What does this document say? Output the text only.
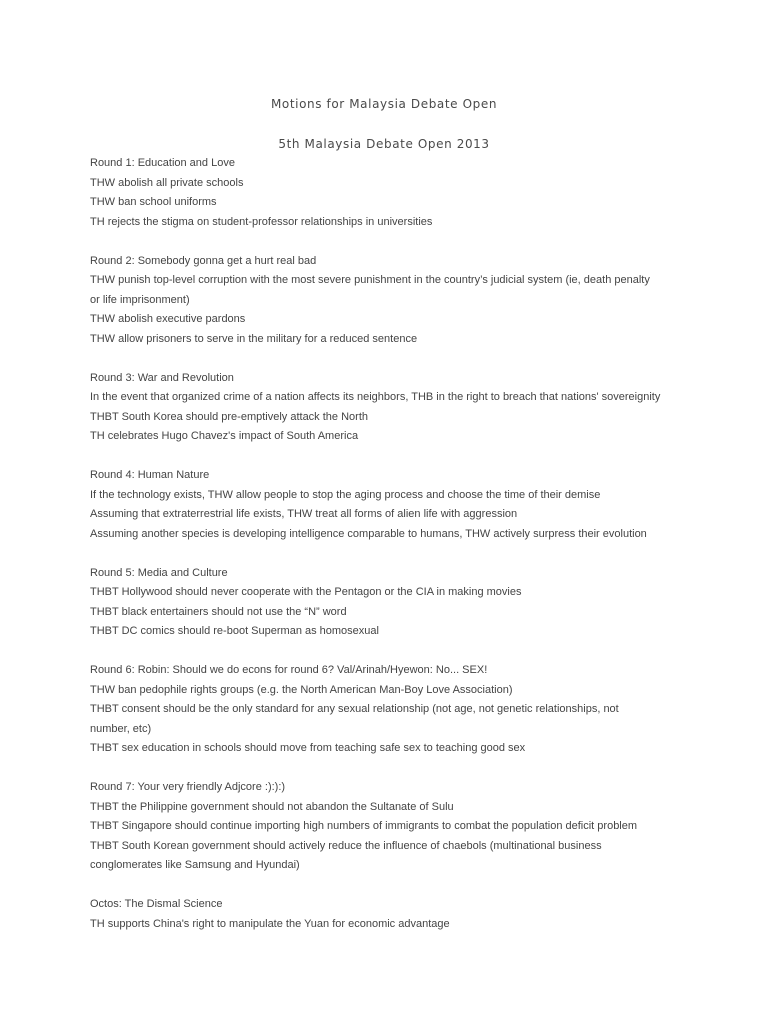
Motions for Malaysia Debate Open
5th Malaysia Debate Open 2013
Round 1: Education and Love
THW abolish all private schools
THW ban school uniforms
TH rejects the stigma on student-professor relationships in universities
Round 2: Somebody gonna get a hurt real bad
THW punish top-level corruption with the most severe punishment in the country’s judicial system (ie, death penalty
or life imprisonment)
THW abolish executive pardons
THW allow prisoners to serve in the military for a reduced sentence
Round 3: War and Revolution
In the event that organized crime of a nation affects its neighbors, THB in the right to breach that nations' sovereignity
THBT South Korea should pre-emptively attack the North
TH celebrates Hugo Chavez's impact of South America
Round 4: Human Nature
If the technology exists, THW allow people to stop the aging process and choose the time of their demise
Assuming that extraterrestrial life exists, THW treat all forms of alien life with aggression
Assuming another species is developing intelligence comparable to humans, THW actively surpress their evolution
Round 5: Media and Culture
THBT Hollywood should never cooperate with the Pentagon or the CIA in making movies
THBT black entertainers should not use the “N” word
THBT DC comics should re-boot Superman as homosexual
Round 6: Robin: Should we do econs for round 6? Val/Arinah/Hyewon: No... SEX!
THW ban pedophile rights groups (e.g. the North American Man-Boy Love Association)
THBT consent should be the only standard for any sexual relationship (not age, not genetic relationships, not
number, etc)
THBT sex education in schools should move from teaching safe sex to teaching good sex
Round 7: Your very friendly Adjcore :):):)
THBT the Philippine government should not abandon the Sultanate of Sulu
THBT Singapore should continue importing high numbers of immigrants to combat the population deficit problem
THBT South Korean government should actively reduce the influence of chaebols (multinational business
conglomerates like Samsung and Hyundai)
Octos: The Dismal Science
TH supports China's right to manipulate the Yuan for economic advantage
